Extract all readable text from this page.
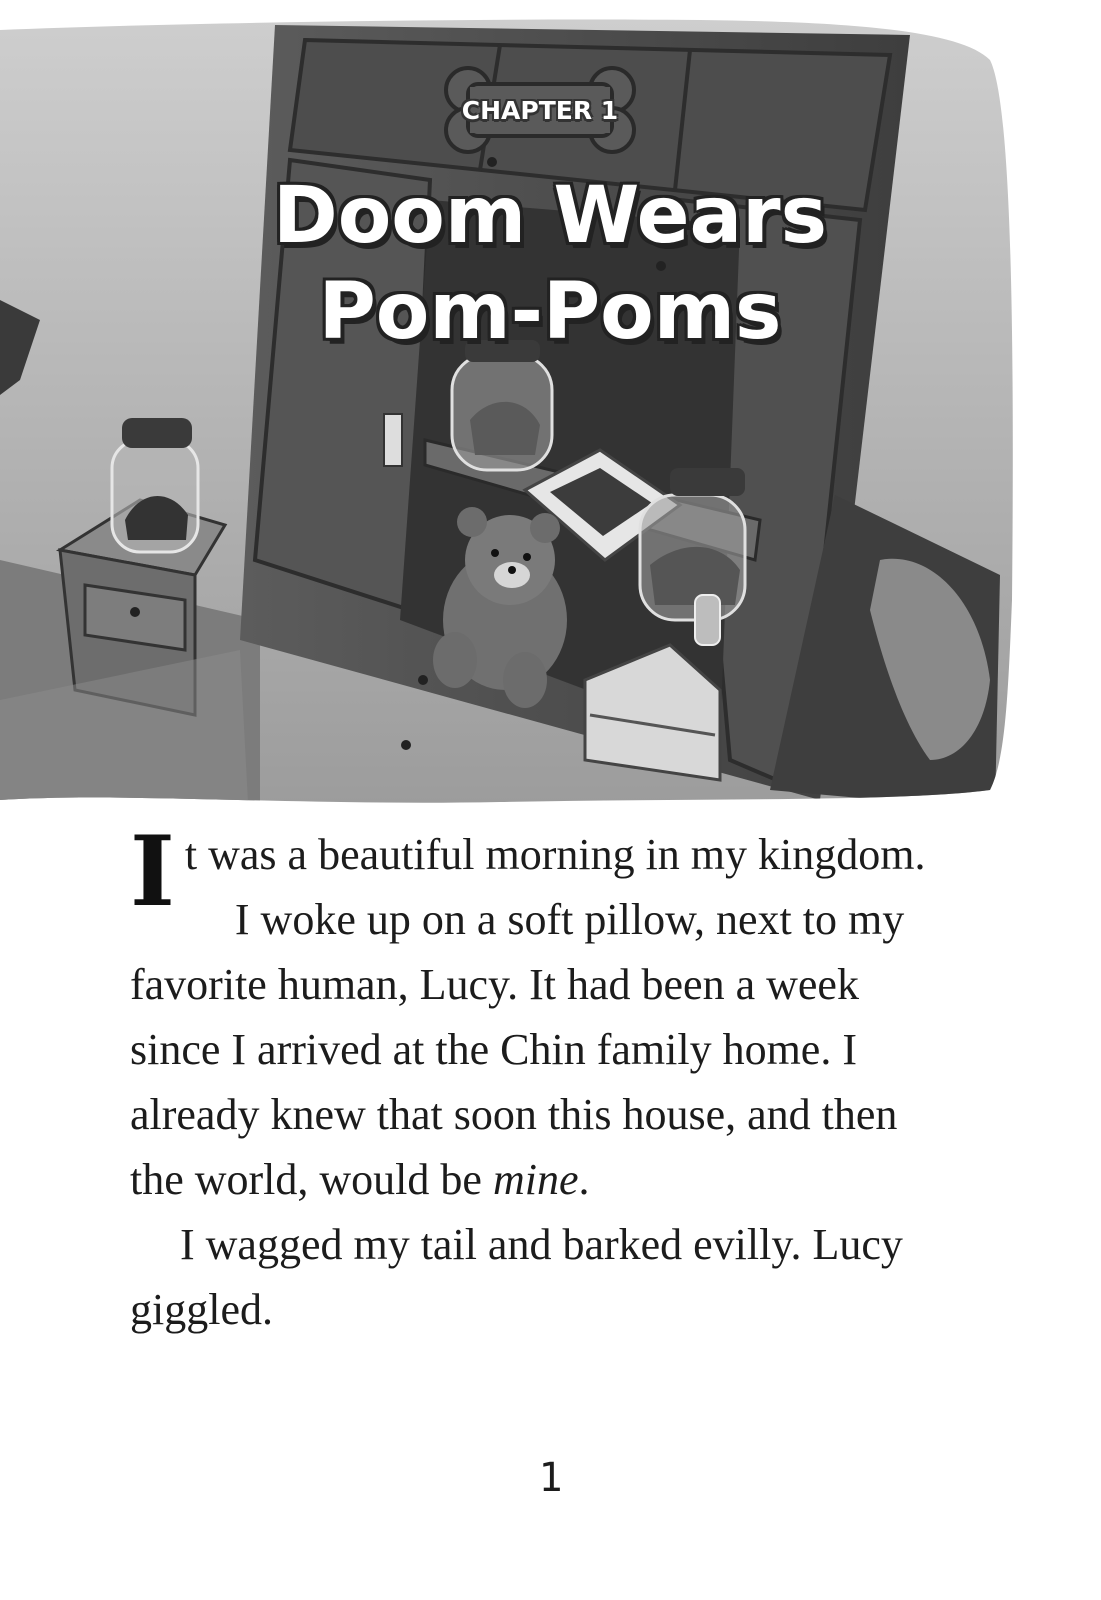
CHAPTER 1
Doom Wears
Pom-Poms

It was a beautiful morning in my kingdom.

I woke up on a soft pillow, next to my favorite human, Lucy. It had been a week since I arrived at the Chin family home. I already knew that soon this house, and then the world, would be mine.

I wagged my tail and barked evilly. Lucy giggled.

1
